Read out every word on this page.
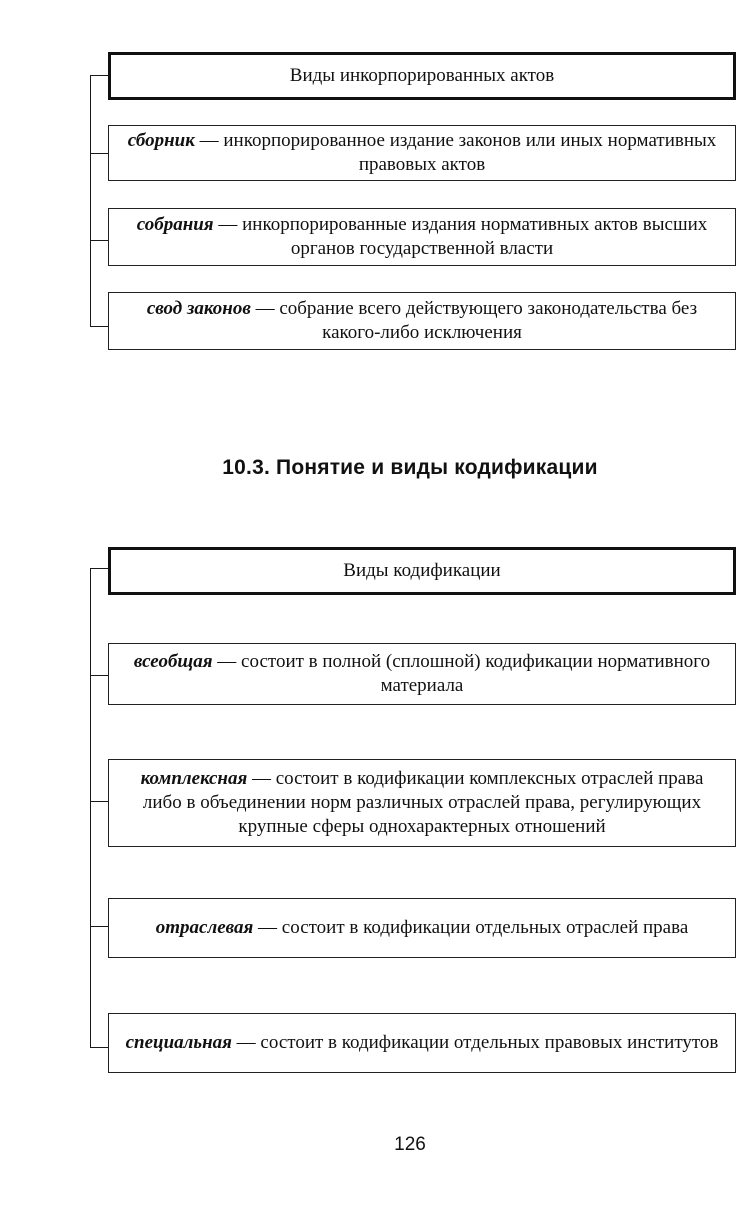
Виды инкорпорированных актов
сборник — инкорпорированное издание законов или иных нормативных правовых актов
собрания — инкорпорированные издания нормативных актов высших органов государственной власти
свод законов — собрание всего действующего законодательства без какого-либо исключения
10.3. Понятие и виды кодификации
Виды кодификации
всеобщая — состоит в полной (сплошной) кодификации нормативного материала
комплексная — состоит в кодификации комплексных отраслей права либо в объединении норм различных отраслей права, регулирующих крупные сферы однохарактерных отношений
отраслевая — состоит в кодификации отдельных отраслей права
специальная — состоит в кодификации отдельных правовых институтов
126
